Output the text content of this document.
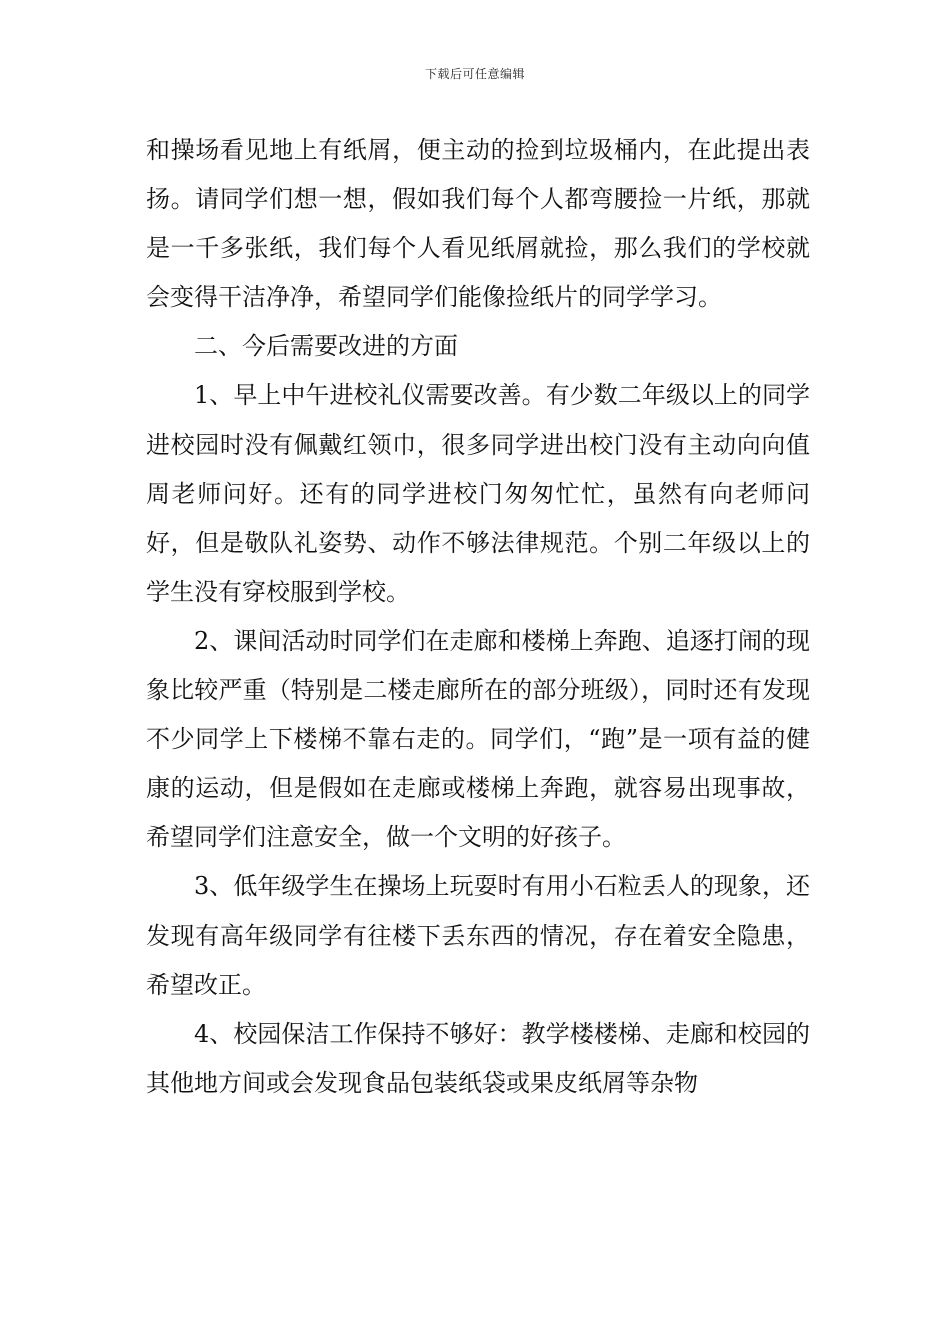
下载后可任意编辑

和操场看见地上有纸屑，便主动的捡到垃圾桶内，在此提出表扬。请同学们想一想，假如我们每个人都弯腰捡一片纸，那就是一千多张纸，我们每个人看见纸屑就捡，那么我们的学校就会变得干洁净净，希望同学们能像捡纸片的同学学习。

二、今后需要改进的方面

1、早上中午进校礼仪需要改善。有少数二年级以上的同学进校园时没有佩戴红领巾，很多同学进出校门没有主动向向值周老师问好。还有的同学进校门匆匆忙忙，虽然有向老师问好，但是敬队礼姿势、动作不够法律规范。个别二年级以上的学生没有穿校服到学校。

2、课间活动时同学们在走廊和楼梯上奔跑、追逐打闹的现象比较严重（特别是二楼走廊所在的部分班级），同时还有发现不少同学上下楼梯不靠右走的。同学们，“跑”是一项有益的健康的运动，但是假如在走廊或楼梯上奔跑，就容易出现事故，希望同学们注意安全，做一个文明的好孩子。

3、低年级学生在操场上玩耍时有用小石粒丢人的现象，还发现有高年级同学有往楼下丢东西的情况，存在着安全隐患，希望改正。

4、校园保洁工作保持不够好：教学楼楼梯、走廊和校园的其他地方间或会发现食品包装纸袋或果皮纸屑等杂物
